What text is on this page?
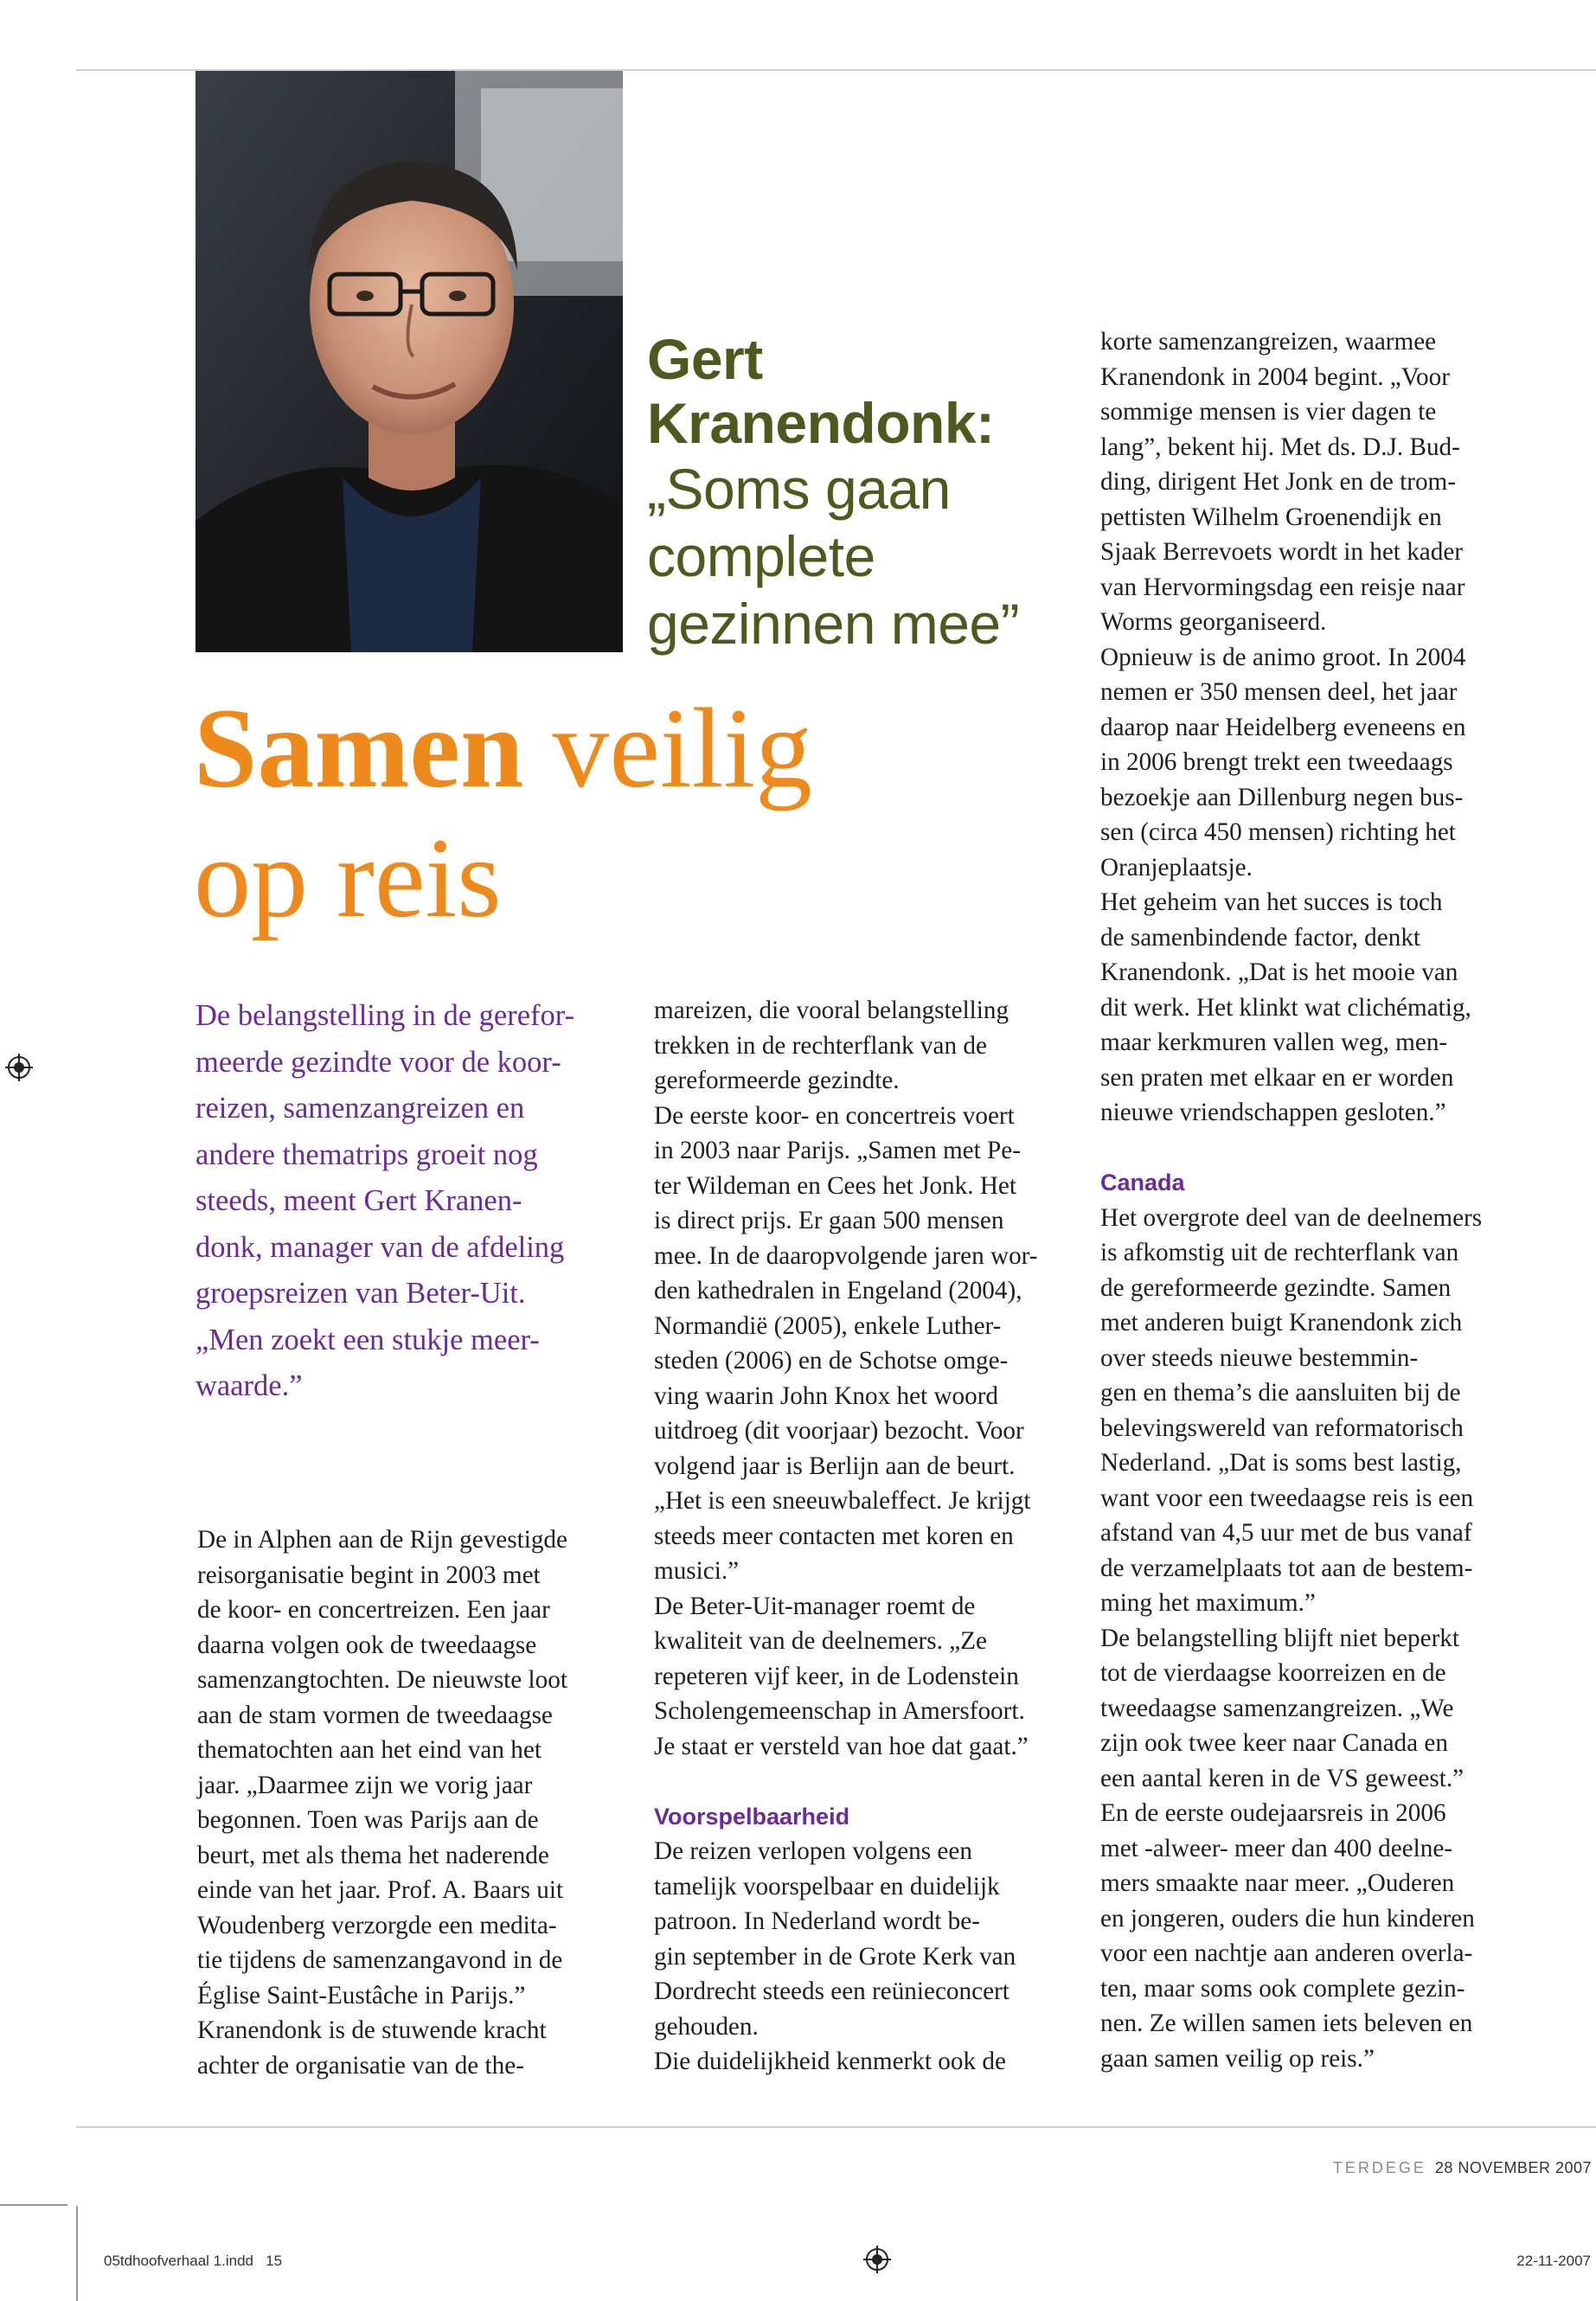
Gert
Kranendonk:
„Soms gaan
complete
gezinnen mee”
Samen veilig
op reis

De belangstelling in de gerefor-

meerde gezindte voor de koor-

reizen, samenzangreizen en

andere thematrips groeit nog

steeds, meent Gert Kranen-

donk, manager van de afdeling

groepsreizen van Beter-Uit.

„Men zoekt een stukje meer-

waarde.”

De in Alphen aan de Rijn gevestigde

reisorganisatie begint in 2003 met

de koor- en concertreizen. Een jaar

daarna volgen ook de tweedaagse

samenzangtochten. De nieuwste loot

aan de stam vormen de tweedaagse

thematochten aan het eind van het

jaar. „Daarmee zijn we vorig jaar

begonnen. Toen was Parijs aan de

beurt, met als thema het naderende

einde van het jaar. Prof. A. Baars uit

Woudenberg verzorgde een medita-

tie tijdens de samenzangavond in de

Église Saint-Eustâche in Parijs.”

Kranendonk is de stuwende kracht

achter de organisatie van de the-

mareizen, die vooral belangstelling

trekken in de rechterflank van de

gereformeerde gezindte.

De eerste koor- en concertreis voert

in 2003 naar Parijs. „Samen met Pe-

ter Wildeman en Cees het Jonk. Het

is direct prijs. Er gaan 500 mensen

mee. In de daaropvolgende jaren wor-

den kathedralen in Engeland (2004),

Normandië (2005), enkele Luther-

steden (2006) en de Schotse omge-

ving waarin John Knox het woord

uitdroeg (dit voorjaar) bezocht. Voor

volgend jaar is Berlijn aan de beurt.

„Het is een sneeuwbaleffect. Je krijgt

steeds meer contacten met koren en

musici.”

De Beter-Uit-manager roemt de

kwaliteit van de deelnemers. „Ze

repeteren vijf keer, in de Lodenstein

Scholengemeenschap in Amersfoort.

Je staat er versteld van hoe dat gaat.”

Voorspelbaarheid

De reizen verlopen volgens een

tamelijk voorspelbaar en duidelijk

patroon. In Nederland wordt be-

gin september in de Grote Kerk van

Dordrecht steeds een reünieconcert

gehouden.

Die duidelijkheid kenmerkt ook de

korte samenzangreizen, waarmee

Kranendonk in 2004 begint. „Voor

sommige mensen is vier dagen te

lang”, bekent hij. Met ds. D.J. Bud-

ding, dirigent Het Jonk en de trom-

pettisten Wilhelm Groenendijk en

Sjaak Berrevoets wordt in het kader

van Hervormingsdag een reisje naar

Worms georganiseerd.

Opnieuw is de animo groot. In 2004

nemen er 350 mensen deel, het jaar

daarop naar Heidelberg eveneens en

in 2006 brengt trekt een tweedaags

bezoekje aan Dillenburg negen bus-

sen (circa 450 mensen) richting het

Oranjeplaatsje.

Het geheim van het succes is toch

de samenbindende factor, denkt

Kranendonk. „Dat is het mooie van

dit werk. Het klinkt wat clichématig,

maar kerkmuren vallen weg, men-

sen praten met elkaar en er worden

nieuwe vriendschappen gesloten.”

Canada

Het overgrote deel van de deelnemers

is afkomstig uit de rechterflank van

de gereformeerde gezindte. Samen

met anderen buigt Kranendonk zich

over steeds nieuwe bestemmin-

gen en thema’s die aansluiten bij de

belevingswereld van reformatorisch

Nederland. „Dat is soms best lastig,

want voor een tweedaagse reis is een

afstand van 4,5 uur met de bus vanaf

de verzamelplaats tot aan de bestem-

ming het maximum.”

De belangstelling blijft niet beperkt

tot de vierdaagse koorreizen en de

tweedaagse samenzangreizen. „We

zijn ook twee keer naar Canada en

een aantal keren in de VS geweest.”

En de eerste oudejaarsreis in 2006

met -alweer- meer dan 400 deelne-

mers smaakte naar meer. „Ouderen

en jongeren, ouders die hun kinderen

voor een nachtje aan anderen overla-

ten, maar soms ook complete gezin-

nen. Ze willen samen iets beleven en

gaan samen veilig op reis.”

TERDEGE 28 NOVEMBER 2007
05tdhoofverhaal 1.indd   15	22-11-2007
